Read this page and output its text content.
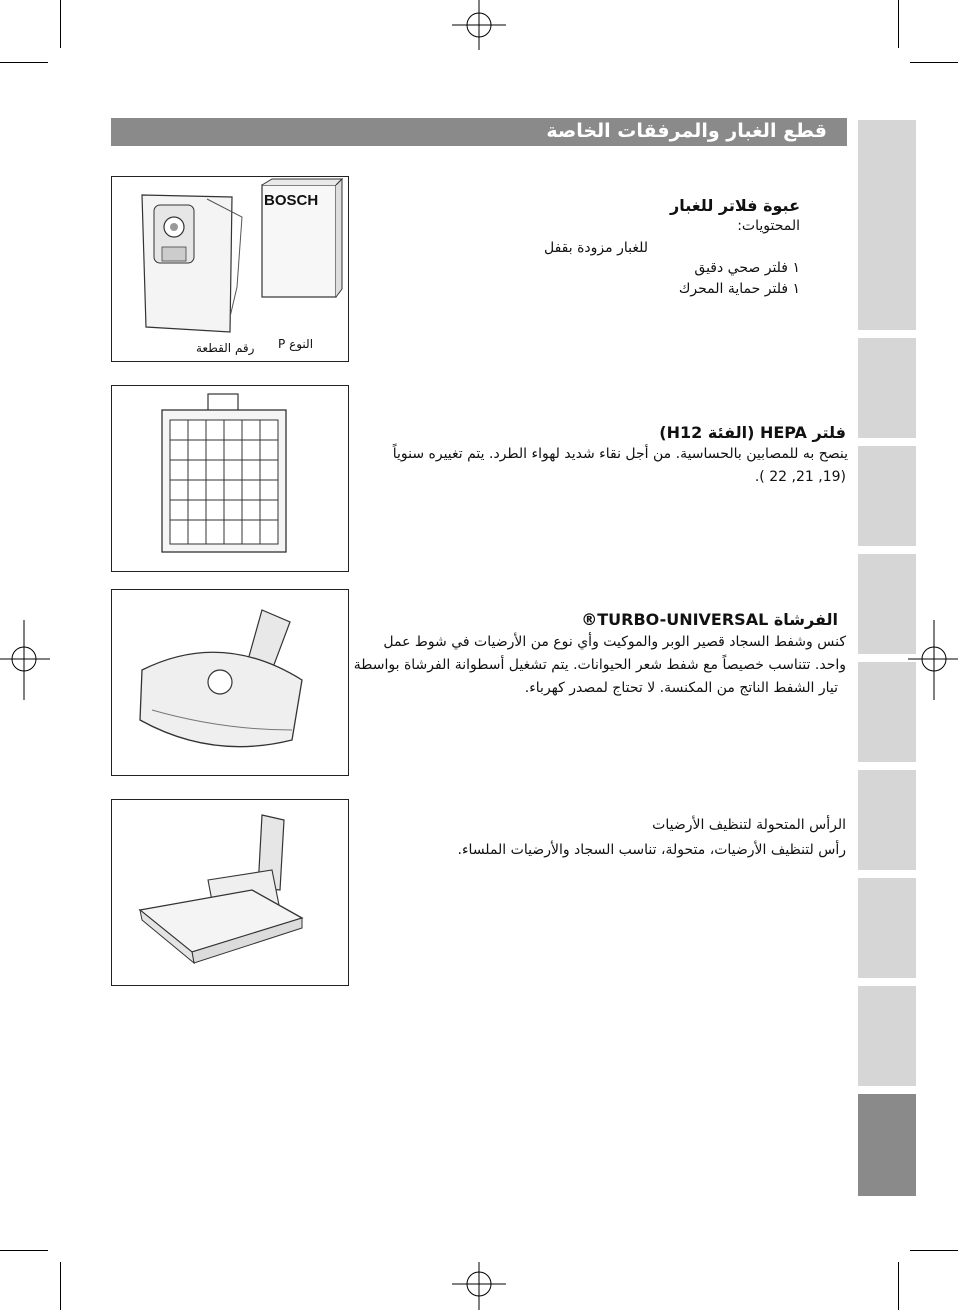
قطع الغبار والمرفقات الخاصة
BOSCH
النوع P
رقم القطعة
عبوة فلاتر للغبار
المحتويات:
للغبار مزودة بقفل
١ فلتر صحي دقيق
١ فلتر حماية المحرك
فلتر HEPA (الفئة H12)
ينصح به للمصابين بالحساسية. من أجل نقاء شديد لهواء الطرد. يتم تغييره سنوياً
(19, 21, 22 ).
الفرشاة TURBO-UNIVERSAL®
كنس وشفط السجاد قصير الوبر والموكيت وأي نوع من الأرضيات في شوط عمل
واحد. تتناسب خصيصاً مع شفط شعر الحيوانات. يتم تشغيل أسطوانة الفرشاة بواسطة
تيار الشفط الناتج من المكنسة. لا تحتاج لمصدر كهرباء.
الرأس المتحولة لتنظيف الأرضيات
رأس لتنظيف الأرضيات، متحولة، تناسب السجاد والأرضيات الملساء.
